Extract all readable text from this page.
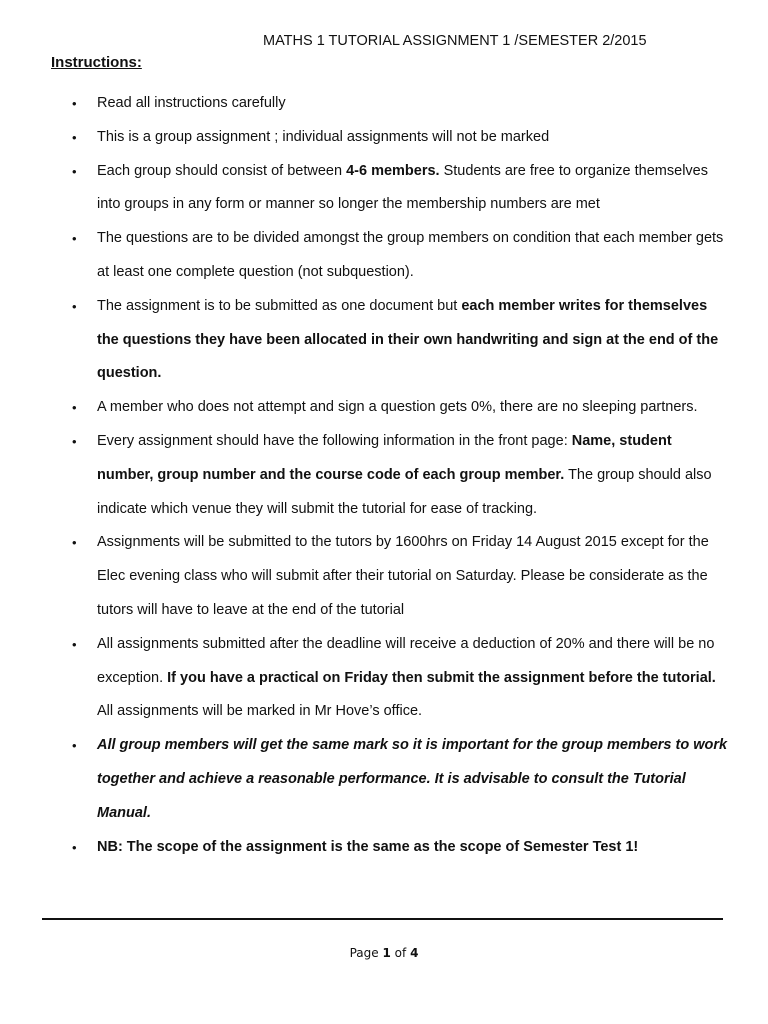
MATHS 1 TUTORIAL ASSIGNMENT 1 /SEMESTER 2/2015
Instructions:
• Read all instructions carefully
• This is a group assignment ; individual assignments will not be marked
• Each group should consist of between 4-6 members. Students are free to organize themselves into groups in any form or manner so longer the membership numbers are met
• The questions are to be divided amongst the group members on condition that each member gets at least one complete question (not subquestion).
• The assignment is to be submitted as one document but each member writes for themselves the questions they have been allocated in their own handwriting and sign at the end of the question.
• A member who does not attempt and sign a question gets 0%, there are no sleeping partners.
• Every assignment should have the following information in the front page: Name, student number, group number and the course code of each group member. The group should also indicate which venue they will submit the tutorial for ease of tracking.
• Assignments will be submitted to the tutors by 1600hrs on Friday 14 August 2015 except for the Elec evening class who will submit after their tutorial on Saturday. Please be considerate as the tutors will have to leave at the end of the tutorial
• All assignments submitted after the deadline will receive a deduction of 20% and there will be no exception. If you have a practical on Friday then submit the assignment before the tutorial. All assignments will be marked in Mr Hove’s office.
• All group members will get the same mark so it is important for the group members to work together and achieve a reasonable performance. It is advisable to consult the Tutorial Manual.
• NB: The scope of the assignment is the same as the scope of Semester Test 1!
Page 1 of 4
